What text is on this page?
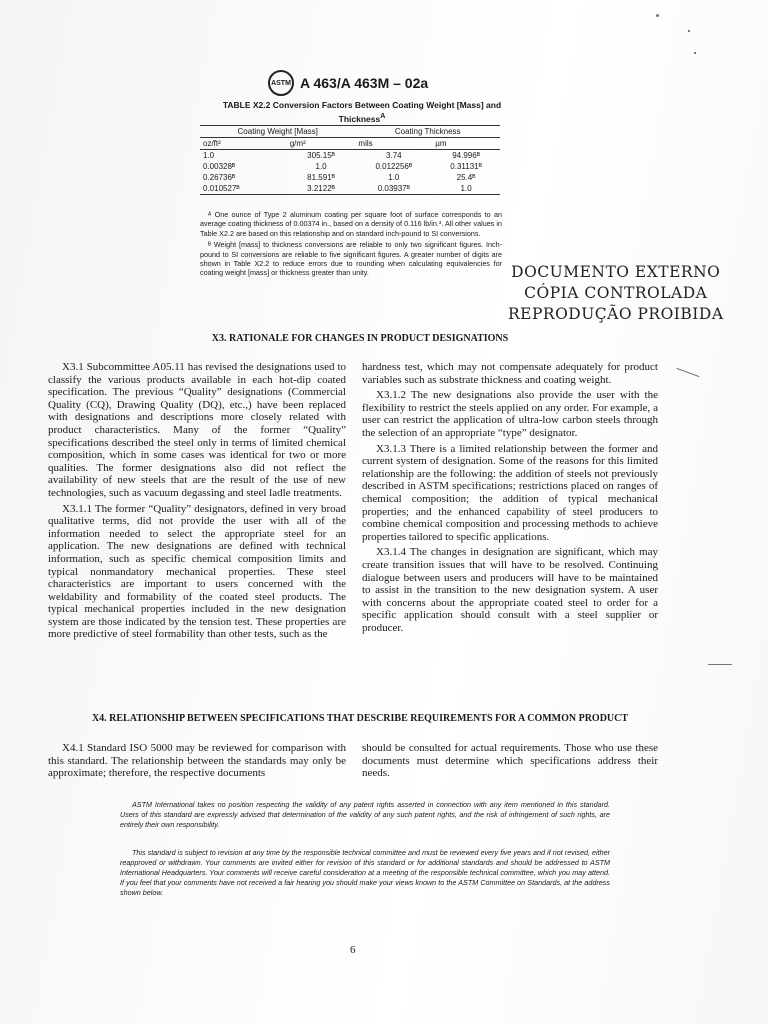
ASTM A 463/A 463M – 02a
TABLE X2.2 Conversion Factors Between Coating Weight [Mass] and Thickness$^A$
Coating Weight [Mass]		Coating Thickness	
oz/ft²	g/m²	mils	µm
1.0	305.15ᴮ	3.74	94.996ᴮ
0.00328ᴮ	1.0	0.012256ᴮ	0.31131ᴮ
0.26736ᴮ	81.591ᴮ	1.0	25.4ᴮ
0.010527ᴮ	3.2122ᴮ	0.03937ᴮ	1.0

ᴬ One ounce of Type 2 aluminum coating per square foot of surface corresponds to an average coating thickness of 0.00374 in., based on a density of 0.116 lb/in.³. All other values in Table X2.2 are based on this relationship and on standard inch-pound to SI conversions.

ᴮ Weight [mass] to thickness conversions are reliable to only two significant figures. Inch-pound to SI conversions are reliable to five significant figures. A greater number of digits are shown in Table X2.2 to reduce errors due to rounding when calculating equivalencies for coating weight [mass] or thickness greater than unity.	DOCUMENTO EXTERNO
CÓPIA CONTROLADA
REPRODUÇÃO PROIBIDA
X3. RATIONALE FOR CHANGES IN PRODUCT DESIGNATIONS

X3.1 Subcommittee A05.11 has revised the designations used to classify the various products available in each hot-dip coated specification. The previous “Quality” designations (Commercial Quality (CQ), Drawing Quality (DQ), etc.,) have been replaced with designations and descriptions more closely related with product characteristics. Many of the former “Quality” specifications described the steel only in terms of limited chemical composition, which in some cases was identical for two or more qualities. The former designations also did not reflect the availability of new steels that are the result of the use of new technologies, such as vacuum degassing and steel ladle treatments.

X3.1.1 The former “Quality” designators, defined in very broad qualitative terms, did not provide the user with all of the information needed to select the appropriate steel for an application. The new designations are defined with technical information, such as specific chemical composition limits and typical nonmandatory mechanical properties. These steel characteristics are important to users concerned with the weldability and formability of the coated steel products. The typical mechanical properties included in the new designation system are those indicated by the tension test. These properties are more predictive of steel formability than other tests, such as the

hardness test, which may not compensate adequately for product variables such as substrate thickness and coating weight.

X3.1.2 The new designations also provide the user with the flexibility to restrict the steels applied on any order. For example, a user can restrict the application of ultra-low carbon steels through the selection of an appropriate “type” designator.

X3.1.3 There is a limited relationship between the former and current system of designation. Some of the reasons for this limited relationship are the following: the addition of steels not previously described in ASTM specifications; restrictions placed on ranges of chemical composition; the addition of typical mechanical properties; and the enhanced capability of steel producers to combine chemical composition and processing methods to achieve properties tailored to specific applications.

X3.1.4 The changes in designation are significant, which may create transition issues that will have to be resolved. Continuing dialogue between users and producers will have to be maintained to assist in the transition to the new designation system. A user with concerns about the appropriate coated steel to order for a specific application should consult with a steel supplier or producer.

X4. RELATIONSHIP BETWEEN SPECIFICATIONS THAT DESCRIBE REQUIREMENTS FOR A COMMON PRODUCT

X4.1 Standard ISO 5000 may be reviewed for comparison with this standard. The relationship between the standards may only be approximate; therefore, the respective documents

should be consulted for actual requirements. Those who use these documents must determine which specifications address their needs.

ASTM International takes no position respecting the validity of any patent rights asserted in connection with any item mentioned in this standard. Users of this standard are expressly advised that determination of the validity of any such patent rights, and the risk of infringement of such rights, are entirely their own responsibility.

This standard is subject to revision at any time by the responsible technical committee and must be reviewed every five years and if not revised, either reapproved or withdrawn. Your comments are invited either for revision of this standard or for additional standards and should be addressed to ASTM International Headquarters. Your comments will receive careful consideration at a meeting of the responsible technical committee, which you may attend. If you feel that your comments have not received a fair hearing you should make your views known to the ASTM Committee on Standards, at the address shown below.

6
